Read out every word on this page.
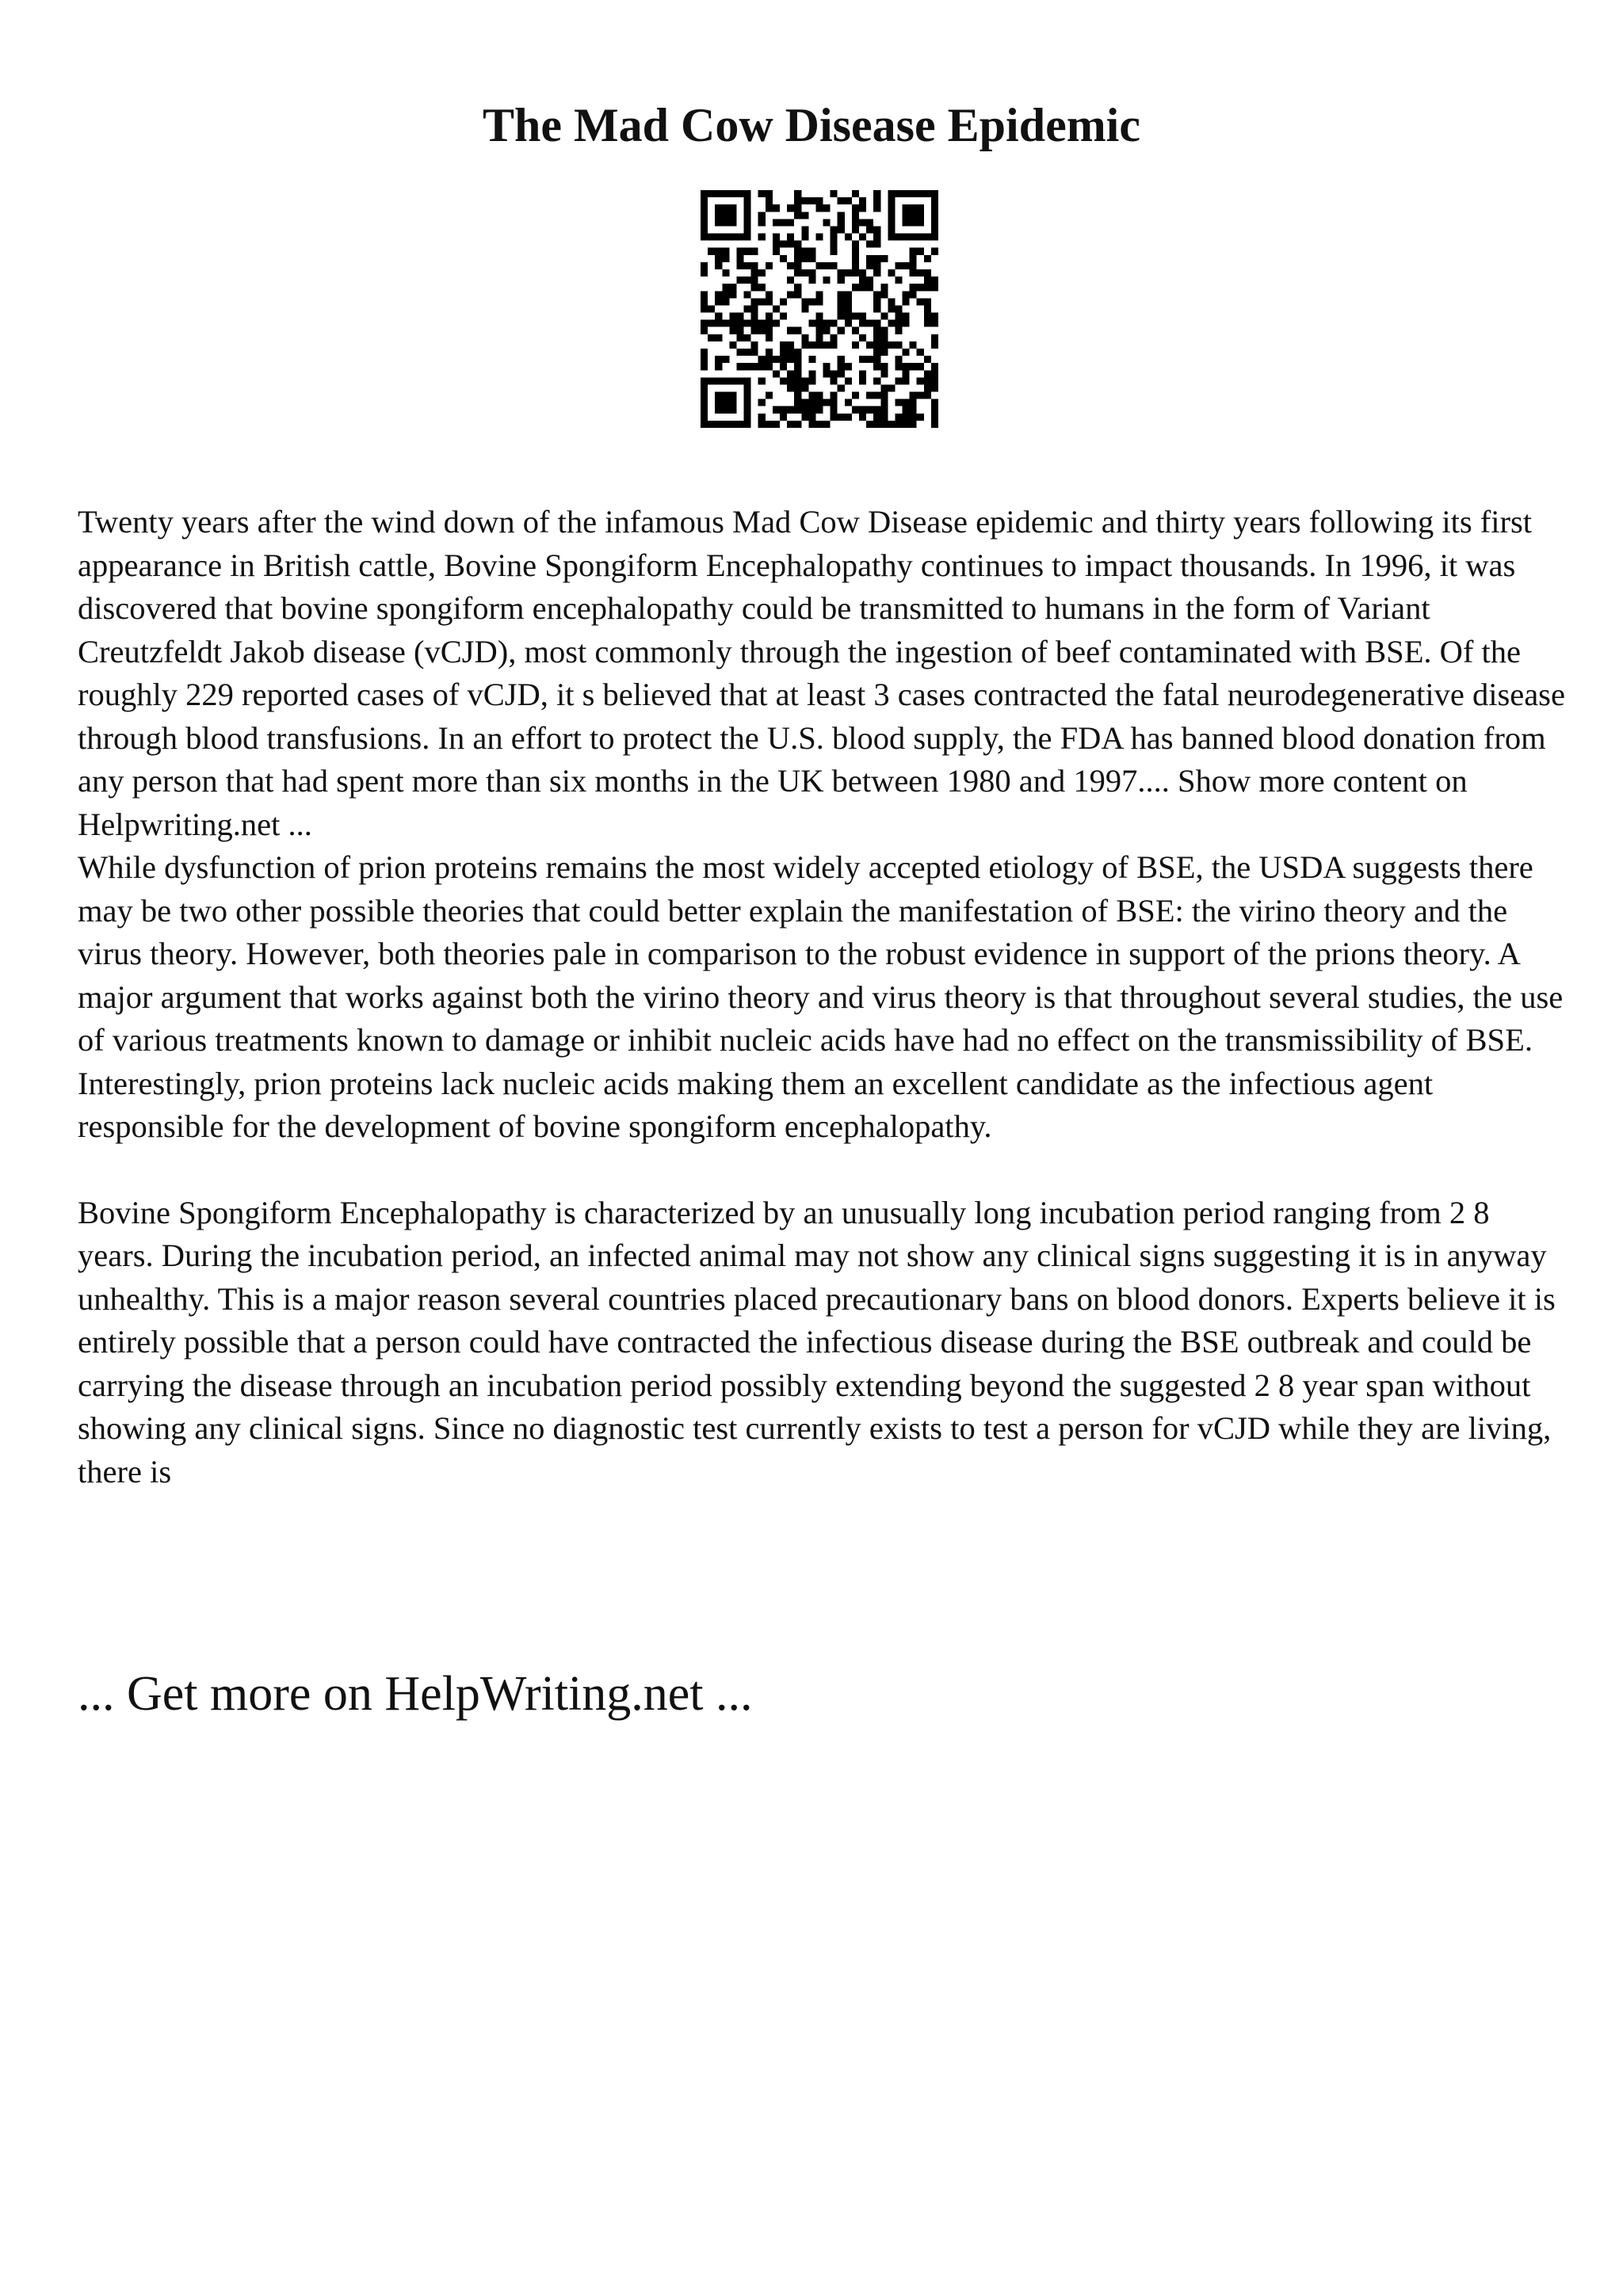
The Mad Cow Disease Epidemic

Twenty years after the wind down of the infamous Mad Cow Disease epidemic and thirty years following its first appearance in British cattle, Bovine Spongiform Encephalopathy continues to impact thousands. In 1996, it was discovered that bovine spongiform encephalopathy could be transmitted to humans in the form of Variant Creutzfeldt Jakob disease (vCJD), most commonly through the ingestion of beef contaminated with BSE. Of the roughly 229 reported cases of vCJD, it s believed that at least 3 cases contracted the fatal neurodegenerative disease through blood transfusions. In an effort to protect the U.S. blood supply, the FDA has banned blood donation from any person that had spent more than six months in the UK between 1980 and 1997.... Show more content on Helpwriting.net ...

While dysfunction of prion proteins remains the most widely accepted etiology of BSE, the USDA suggests there may be two other possible theories that could better explain the manifestation of BSE: the virino theory and the virus theory. However, both theories pale in comparison to the robust evidence in support of the prions theory. A major argument that works against both the virino theory and virus theory is that throughout several studies, the use of various treatments known to damage or inhibit nucleic acids have had no effect on the transmissibility of BSE. Interestingly, prion proteins lack nucleic acids making them an excellent candidate as the infectious agent responsible for the development of bovine spongiform encephalopathy.

Bovine Spongiform Encephalopathy is characterized by an unusually long incubation period ranging from 2 8 years. During the incubation period, an infected animal may not show any clinical signs suggesting it is in anyway unhealthy. This is a major reason several countries placed precautionary bans on blood donors. Experts believe it is entirely possible that a person could have contracted the infectious disease during the BSE outbreak and could be carrying the disease through an incubation period possibly extending beyond the suggested 2 8 year span without showing any clinical signs. Since no diagnostic test currently exists to test a person for vCJD while they are living, there is

... Get more on HelpWriting.net ...
